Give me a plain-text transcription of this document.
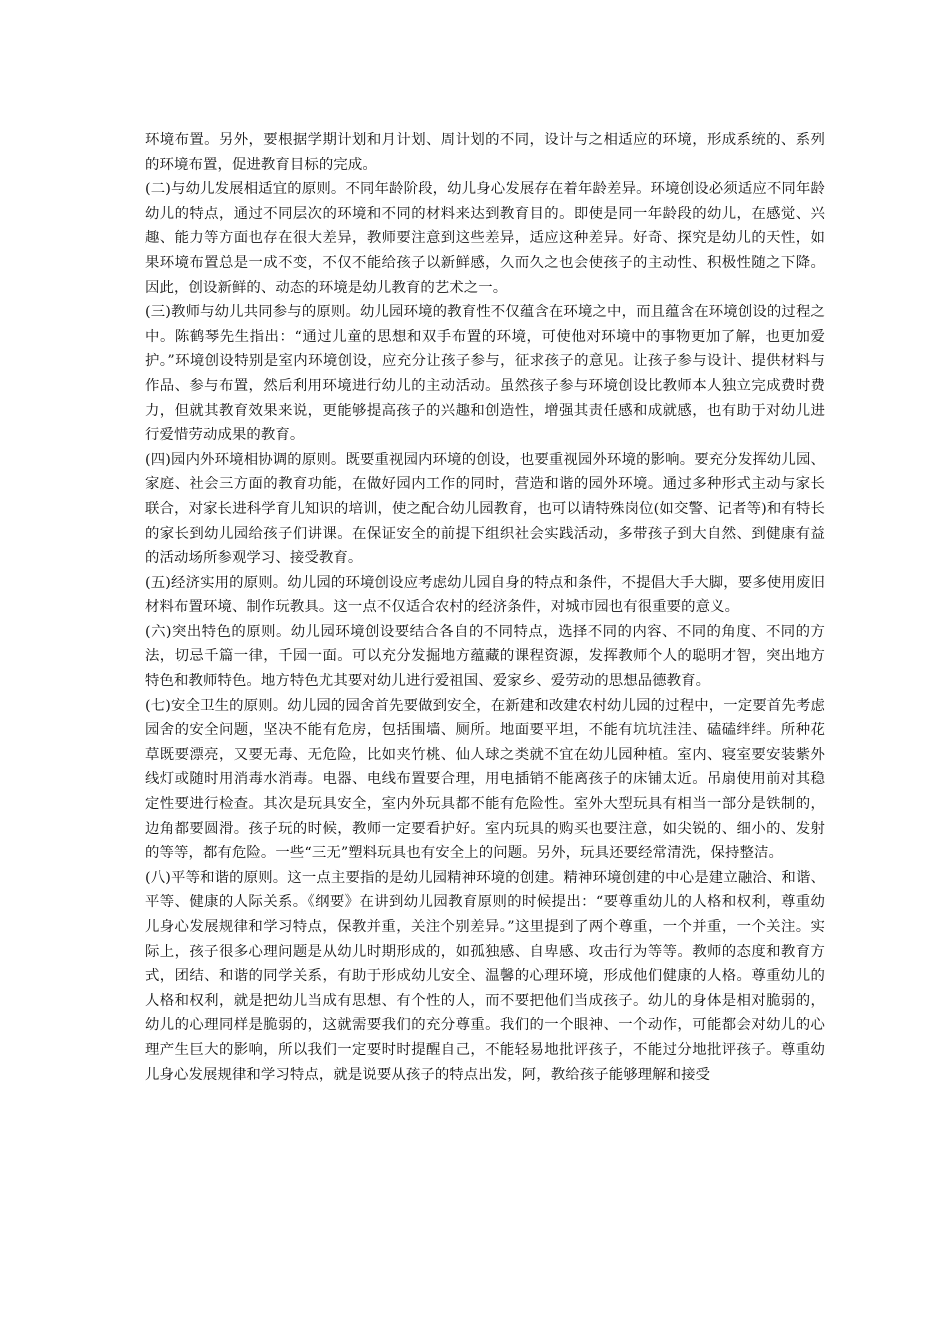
环境布置。另外，要根据学期计划和月计划、周计划的不同，设计与之相适应的环境，形成系统的、系列的环境布置，促进教育目标的完成。

(二)与幼儿发展相适宜的原则。不同年龄阶段，幼儿身心发展存在着年龄差异。环境创设必须适应不同年龄幼儿的特点，通过不同层次的环境和不同的材料来达到教育目的。即使是同一年龄段的幼儿，在感觉、兴趣、能力等方面也存在很大差异，教师要注意到这些差异，适应这种差异。好奇、探究是幼儿的天性，如果环境布置总是一成不变，不仅不能给孩子以新鲜感，久而久之也会使孩子的主动性、积极性随之下降。因此，创设新鲜的、动态的环境是幼儿教育的艺术之一。

(三)教师与幼儿共同参与的原则。幼儿园环境的教育性不仅蕴含在环境之中，而且蕴含在环境创设的过程之中。陈鹤琴先生指出：“通过儿童的思想和双手布置的环境，可使他对环境中的事物更加了解，也更加爱护。”环境创设特别是室内环境创设，应充分让孩子参与，征求孩子的意见。让孩子参与设计、提供材料与作品、参与布置，然后利用环境进行幼儿的主动活动。虽然孩子参与环境创设比教师本人独立完成费时费力，但就其教育效果来说，更能够提高孩子的兴趣和创造性，增强其责任感和成就感，也有助于对幼儿进行爱惜劳动成果的教育。

(四)园内外环境相协调的原则。既要重视园内环境的创设，也要重视园外环境的影响。要充分发挥幼儿园、家庭、社会三方面的教育功能，在做好园内工作的同时，营造和谐的园外环境。通过多种形式主动与家长联合，对家长进科学育儿知识的培训，使之配合幼儿园教育，也可以请特殊岗位(如交警、记者等)和有特长的家长到幼儿园给孩子们讲课。在保证安全的前提下组织社会实践活动，多带孩子到大自然、到健康有益的活动场所参观学习、接受教育。

(五)经济实用的原则。幼儿园的环境创设应考虑幼儿园自身的特点和条件，不提倡大手大脚，要多使用废旧材料布置环境、制作玩教具。这一点不仅适合农村的经济条件，对城市园也有很重要的意义。

(六)突出特色的原则。幼儿园环境创设要结合各自的不同特点，选择不同的内容、不同的角度、不同的方法，切忌千篇一律，千园一面。可以充分发掘地方蕴藏的课程资源，发挥教师个人的聪明才智，突出地方特色和教师特色。地方特色尤其要对幼儿进行爱祖国、爱家乡、爱劳动的思想品德教育。

(七)安全卫生的原则。幼儿园的园舍首先要做到安全，在新建和改建农村幼儿园的过程中，一定要首先考虑园舍的安全问题，坚决不能有危房，包括围墙、厕所。地面要平坦，不能有坑坑洼洼、磕磕绊绊。所种花草既要漂亮，又要无毒、无危险，比如夹竹桃、仙人球之类就不宜在幼儿园种植。室内、寝室要安装紫外线灯或随时用消毒水消毒。电器、电线布置要合理，用电插销不能离孩子的床铺太近。吊扇使用前对其稳定性要进行检查。其次是玩具安全，室内外玩具都不能有危险性。室外大型玩具有相当一部分是铁制的，边角都要圆滑。孩子玩的时候，教师一定要看护好。室内玩具的购买也要注意，如尖锐的、细小的、发射的等等，都有危险。一些“三无”塑料玩具也有安全上的问题。另外，玩具还要经常清洗，保持整洁。

(八)平等和谐的原则。这一点主要指的是幼儿园精神环境的创建。精神环境创建的中心是建立融洽、和谐、平等、健康的人际关系。《纲要》在讲到幼儿园教育原则的时候提出：“要尊重幼儿的人格和权利，尊重幼儿身心发展规律和学习特点，保教并重，关注个别差异。”这里提到了两个尊重，一个并重，一个关注。实际上，孩子很多心理问题是从幼儿时期形成的，如孤独感、自卑感、攻击行为等等。教师的态度和教育方式，团结、和谐的同学关系，有助于形成幼儿安全、温馨的心理环境，形成他们健康的人格。尊重幼儿的人格和权利，就是把幼儿当成有思想、有个性的人，而不要把他们当成孩子。幼儿的身体是相对脆弱的，幼儿的心理同样是脆弱的，这就需要我们的充分尊重。我们的一个眼神、一个动作，可能都会对幼儿的心理产生巨大的影响，所以我们一定要时时提醒自己，不能轻易地批评孩子，不能过分地批评孩子。尊重幼儿身心发展规律和学习特点，就是说要从孩子的特点出发，阿，教给孩子能够理解和接受
